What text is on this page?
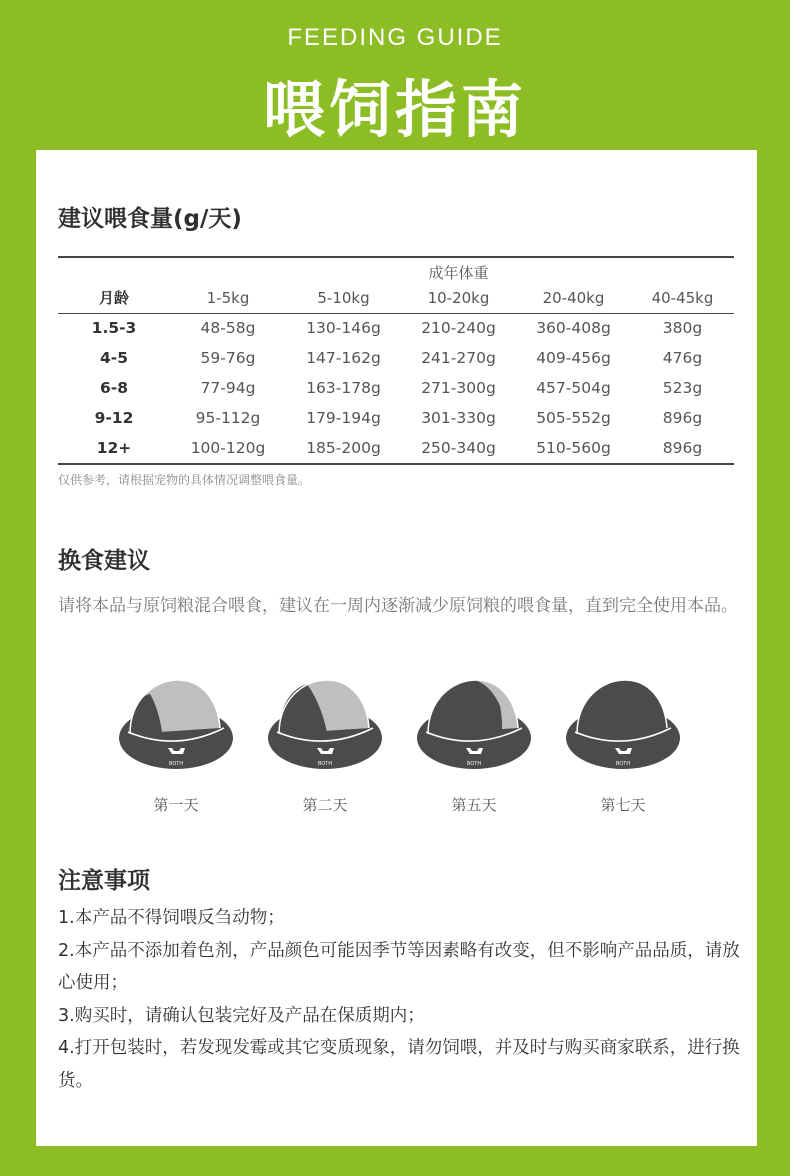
FEEDING GUIDE
喂饲指南
建议喂食量(g/天)
			成年体重		
月龄	1-5kg	5-10kg	10-20kg	20-40kg	40-45kg
1.5-3	48-58g	130-146g	210-240g	360-408g	380g
4-5	59-76g	147-162g	241-270g	409-456g	476g
6-8	77-94g	163-178g	271-300g	457-504g	523g
9-12	95-112g	179-194g	301-330g	505-552g	896g
12+	100-120g	185-200g	250-340g	510-560g	896g
仅供参考，请根据宠物的具体情况调整喂食量。
换食建议
请将本品与原饲粮混合喂食，建议在一周内逐渐减少原饲粮的喂食量，直到完全使用本品。
BOTH
第一天
BOTH
第二天
BOTH
第五天
BOTH
第七天
注意事项
1.本产品不得饲喂反刍动物；
2.本产品不添加着色剂，产品颜色可能因季节等因素略有改变，但不影响产品品质，请放心使用；
3.购买时，请确认包装完好及产品在保质期内；
4.打开包装时，若发现发霉或其它变质现象，请勿饲喂，并及时与购买商家联系，进行换货。
